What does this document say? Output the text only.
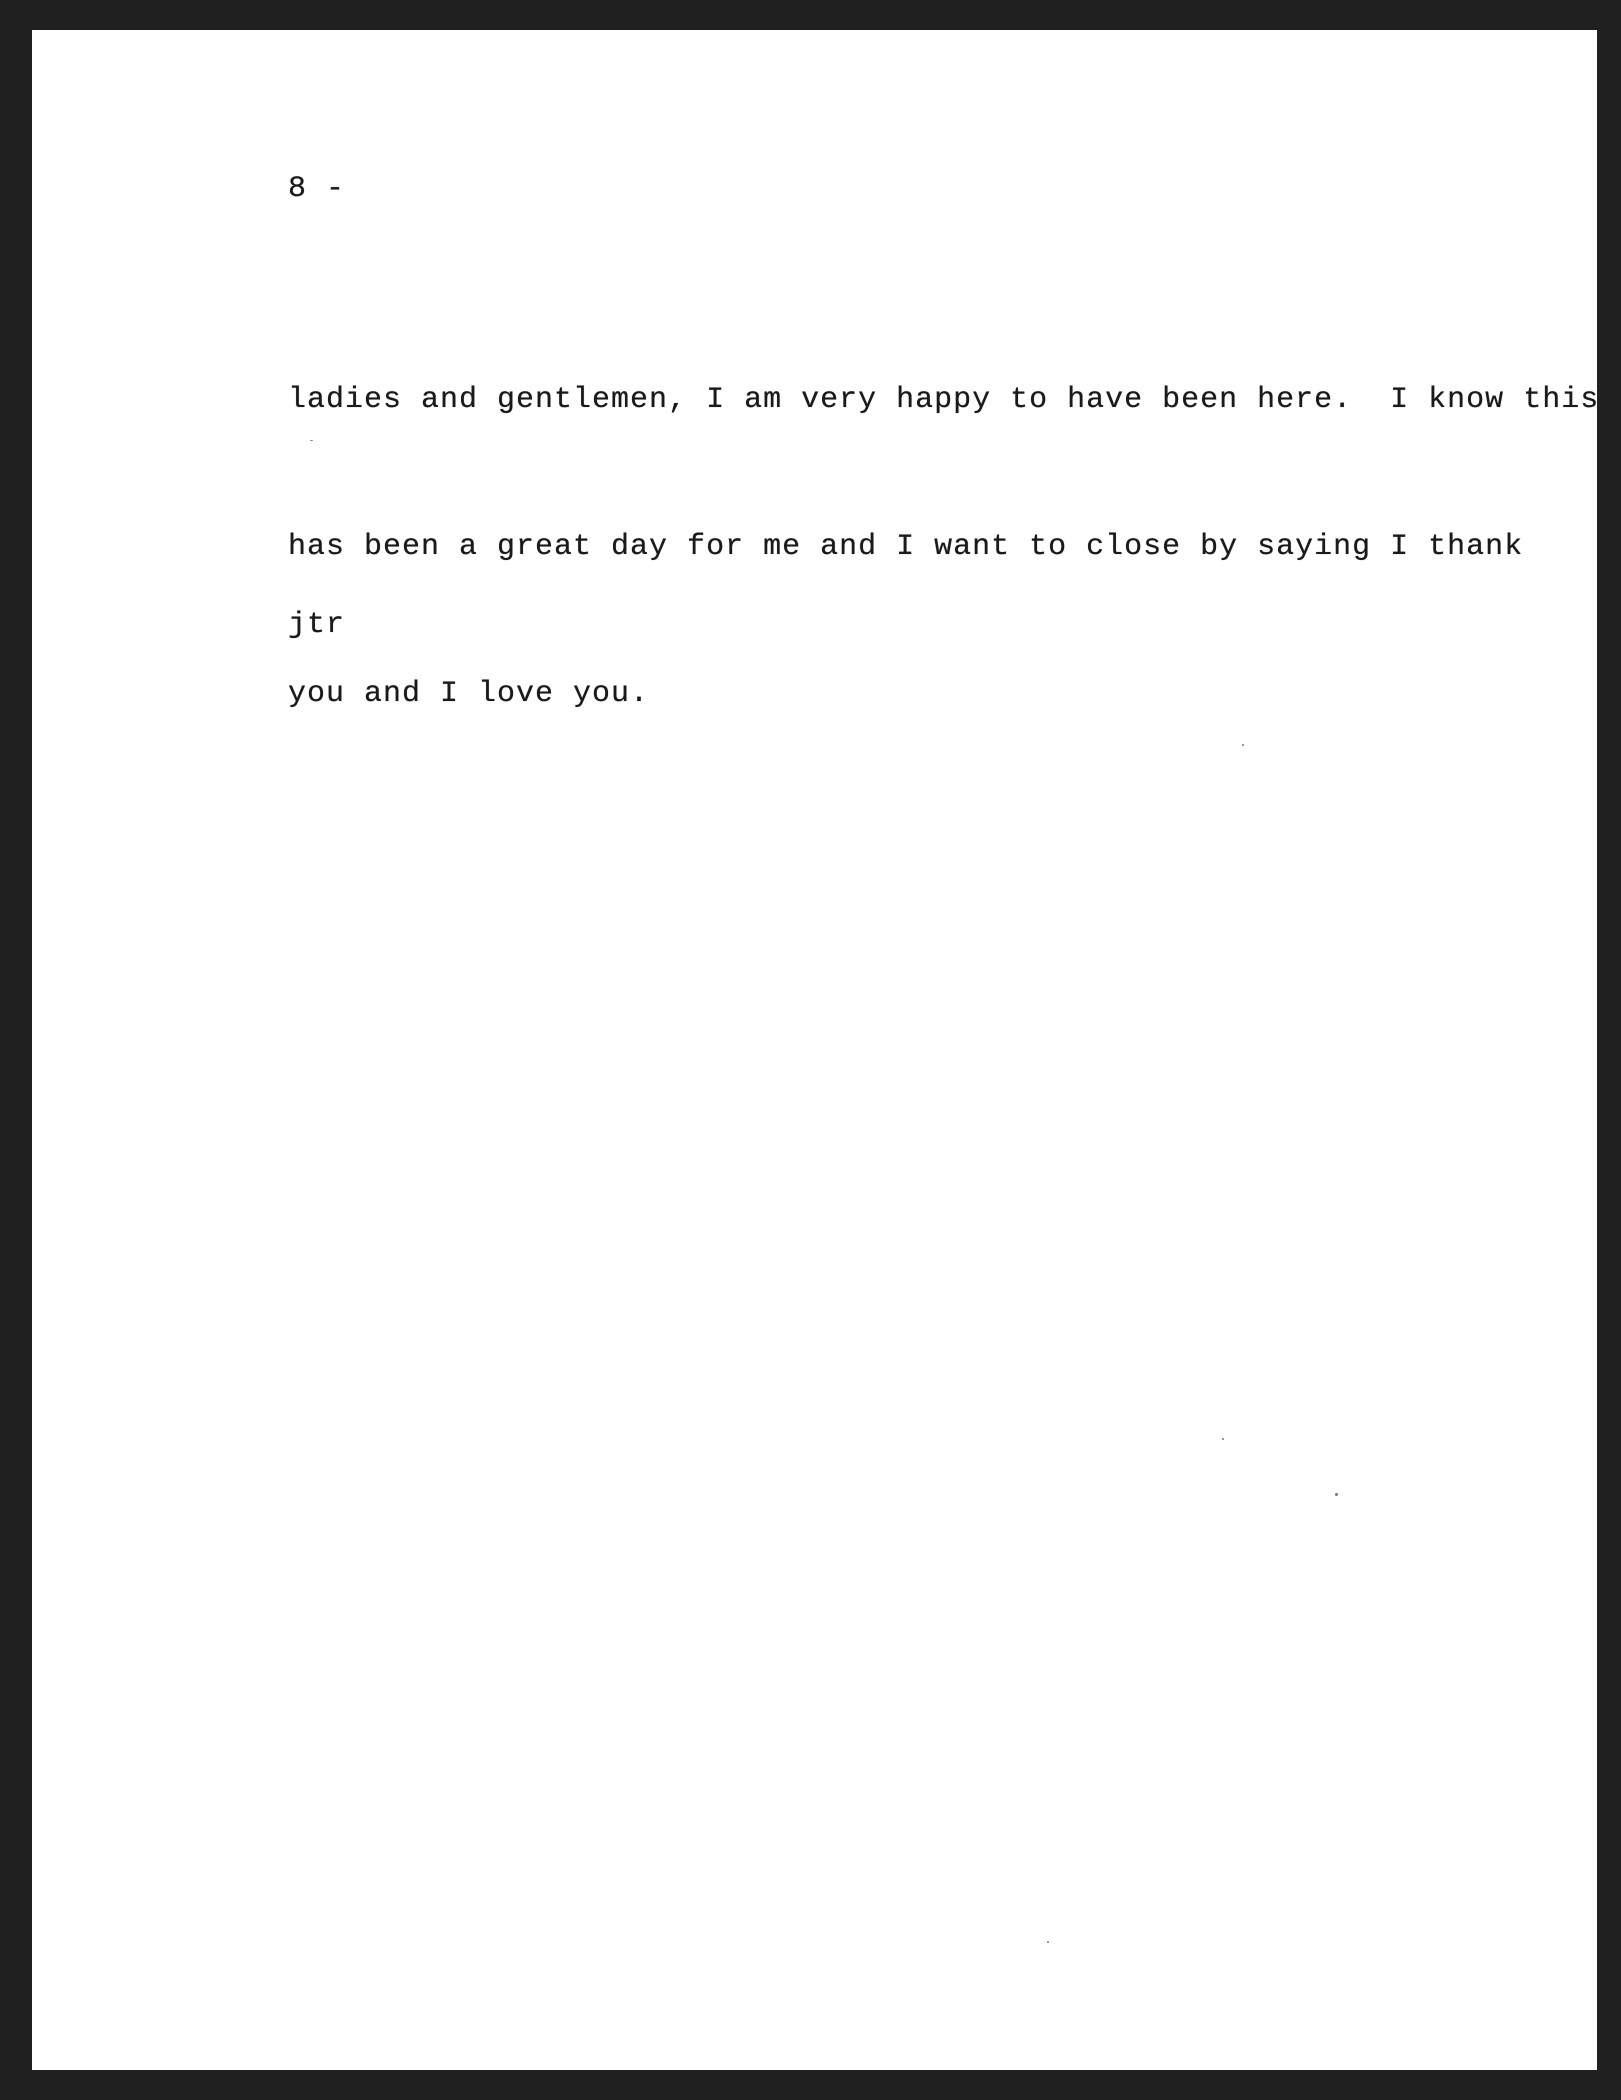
8 -

ladies and gentlemen, I am very happy to have been here.  I know this

has been a great day for me and I want to close by saying I thank

you and I love you.

jtr
